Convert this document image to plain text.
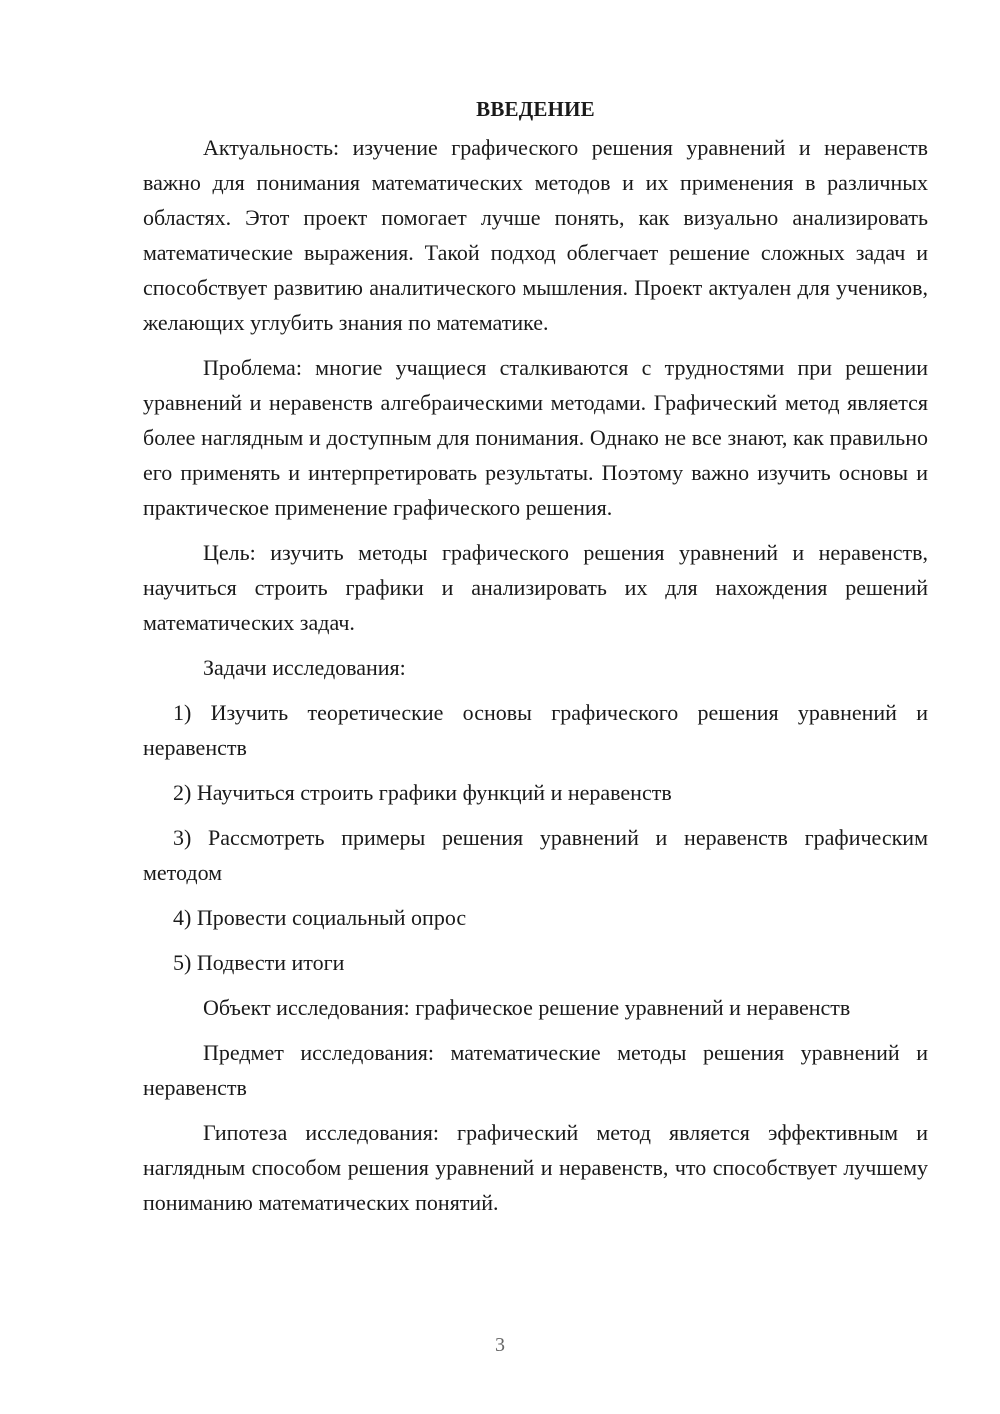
ВВЕДЕНИЕ

Актуальность: изучение графического решения уравнений и неравенств важно для понимания математических методов и их применения в различных областях. Этот проект помогает лучше понять, как визуально анализировать математические выражения. Такой подход облегчает решение сложных задач и способствует развитию аналитического мышления. Проект актуален для учеников, желающих углубить знания по математике.

Проблема: многие учащиеся сталкиваются с трудностями при решении уравнений и неравенств алгебраическими методами. Графический метод является более наглядным и доступным для понимания. Однако не все знают, как правильно его применять и интерпретировать результаты. Поэтому важно изучить основы и практическое применение графического решения.

Цель: изучить методы графического решения уравнений и неравенств, научиться строить графики и анализировать их для нахождения решений математических задач.

Задачи исследования:

1) Изучить теоретические основы графического решения уравнений и неравенств

2) Научиться строить графики функций и неравенств

3) Рассмотреть примеры решения уравнений и неравенств графическим методом

4) Провести социальный опрос

5) Подвести итоги

Объект исследования: графическое решение уравнений и неравенств

Предмет исследования: математические методы решения уравнений и неравенств

Гипотеза исследования: графический метод является эффективным и наглядным способом решения уравнений и неравенств, что способствует лучшему пониманию математических понятий.

3
